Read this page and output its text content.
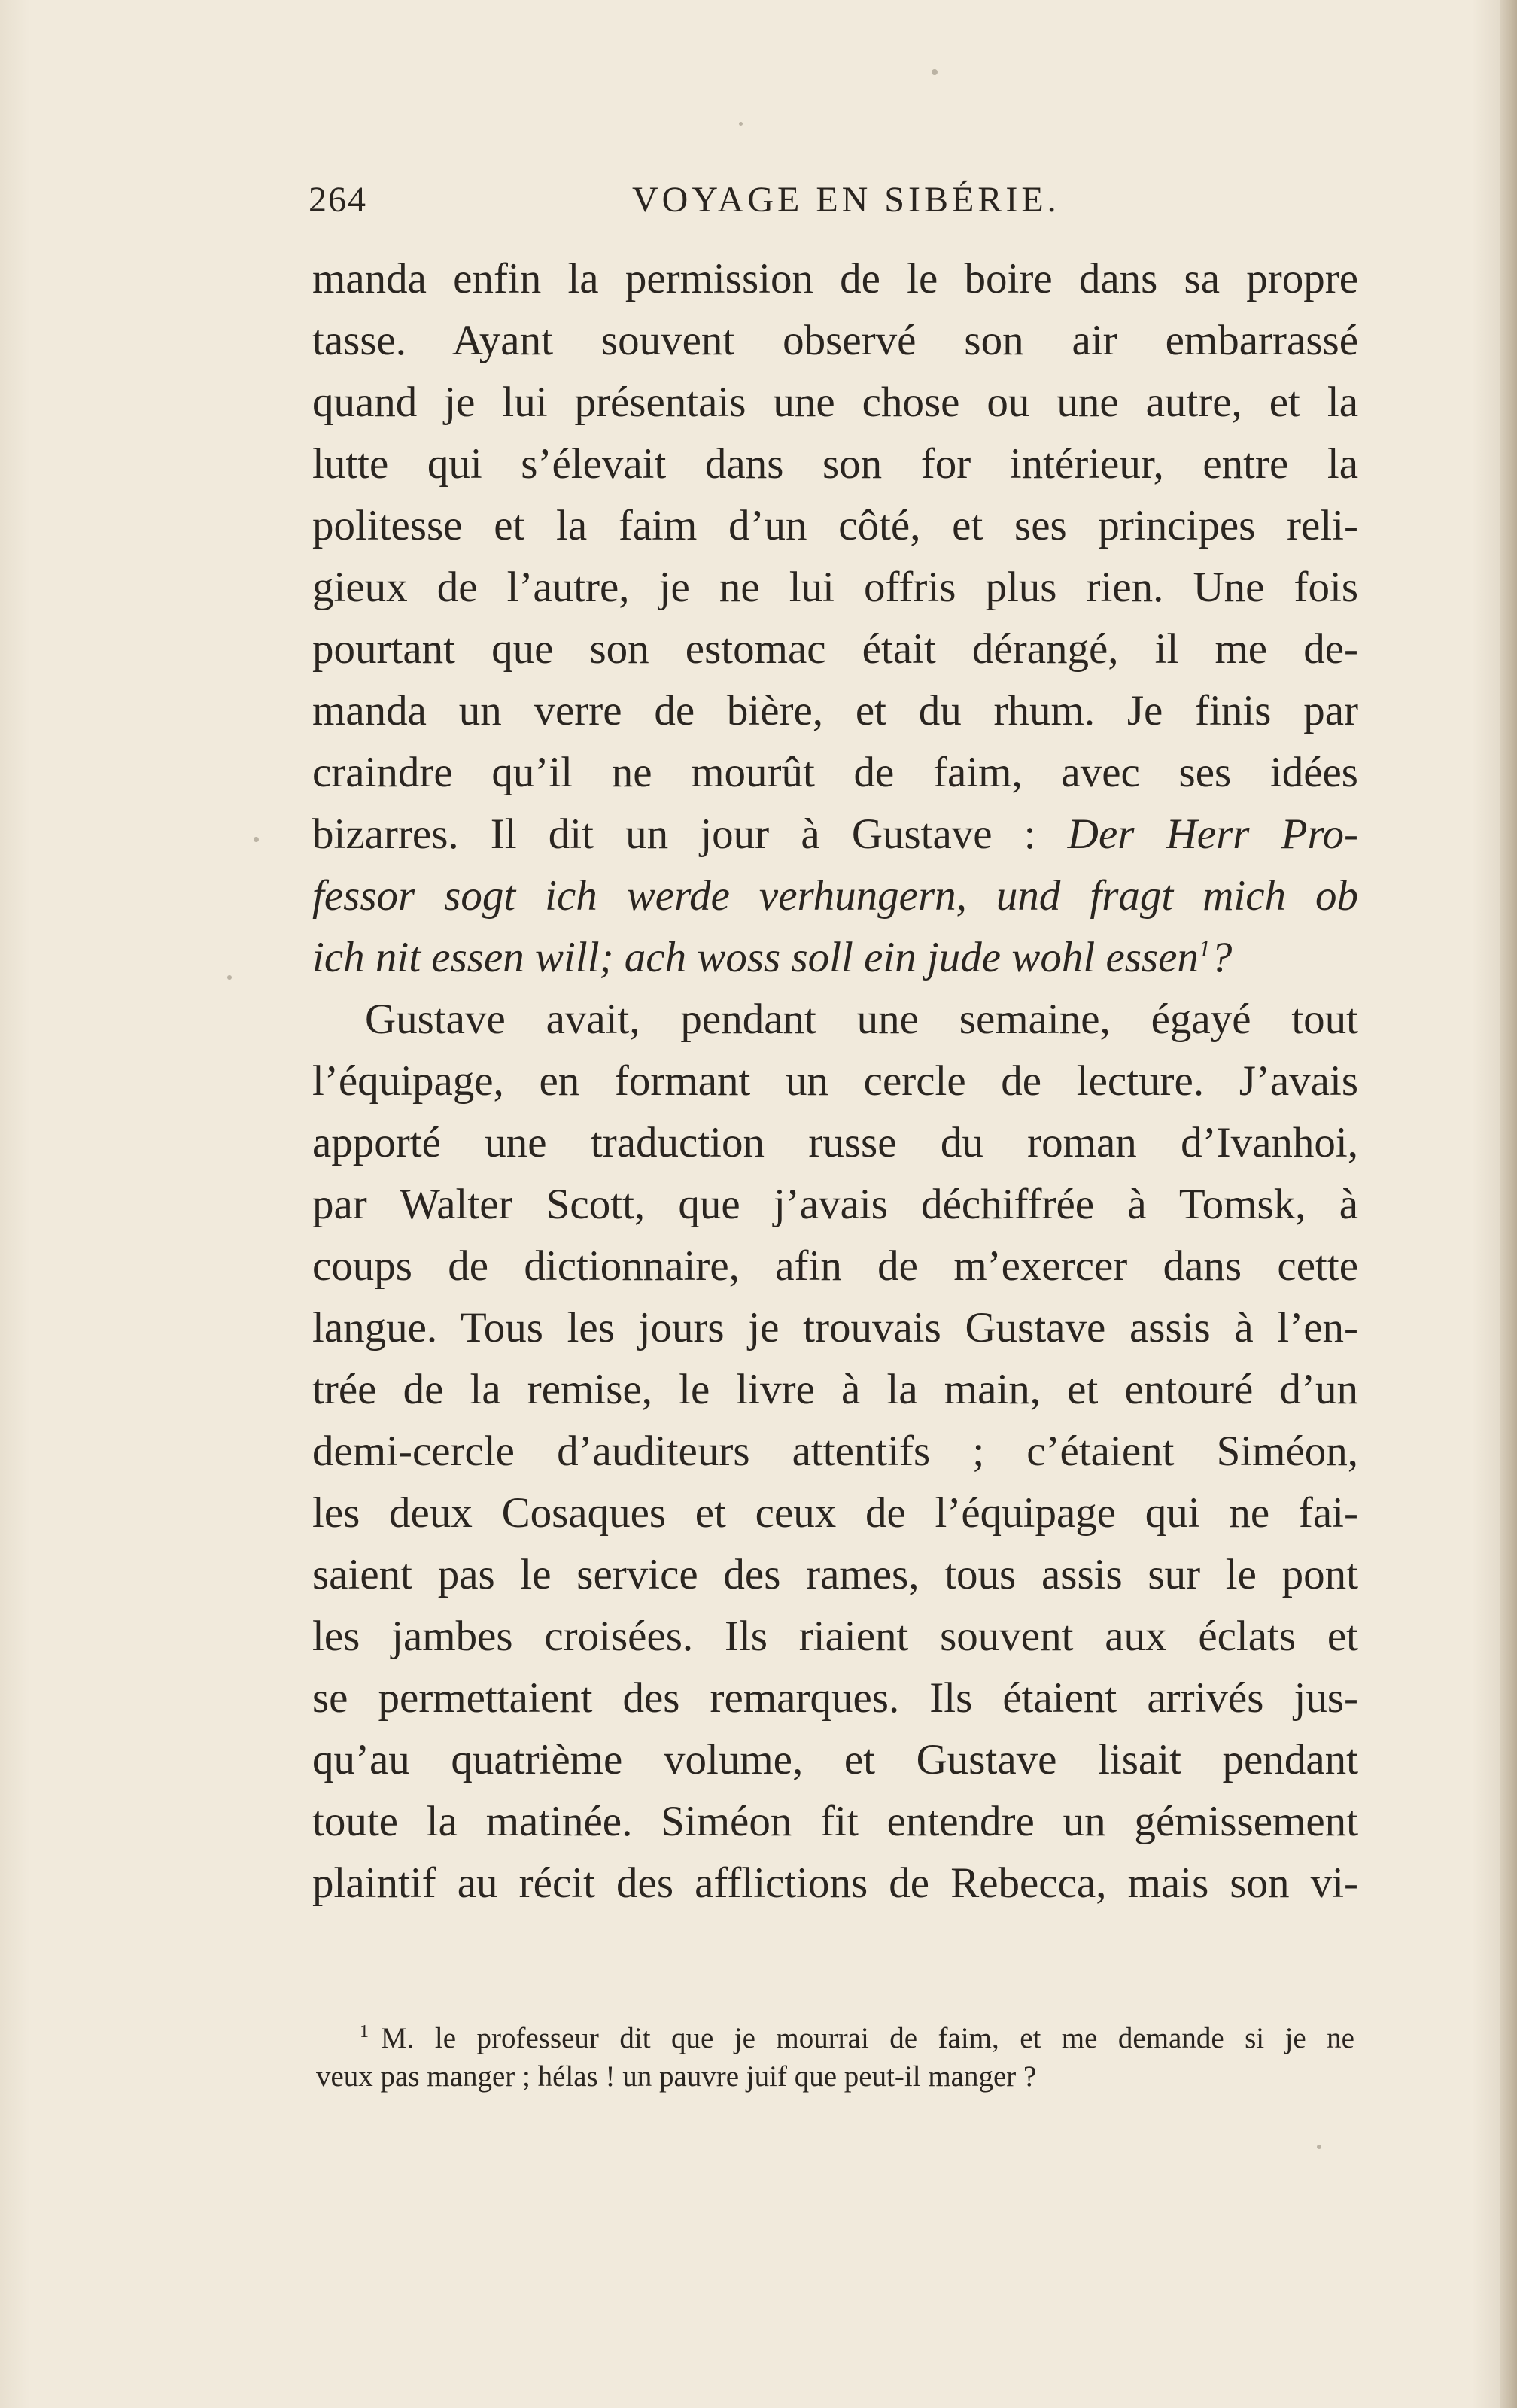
264	VOYAGE EN SIBÉRIE.
manda enfin la permission de le boire dans sa propre
tasse. Ayant souvent observé son air embarrassé
quand je lui présentais une chose ou une autre, et la
lutte qui s’élevait dans son for intérieur, entre la
politesse et la faim d’un côté, et ses principes reli-
gieux de l’autre, je ne lui offris plus rien. Une fois
pourtant que son estomac était dérangé, il me de-
manda un verre de bière, et du rhum. Je finis par
craindre qu’il ne mourût de faim, avec ses idées
bizarres. Il dit un jour à Gustave : Der Herr Pro-
fessor sogt ich werde verhungern, und fragt mich ob
ich nit essen will; ach woss soll ein jude wohl essen$^1$?
Gustave avait, pendant une semaine, égayé tout
l’équipage, en formant un cercle de lecture. J’avais
apporté une traduction russe du roman d’Ivanhoi,
par Walter Scott, que j’avais déchiffrée à Tomsk, à
coups de dictionnaire, afin de m’exercer dans cette
langue. Tous les jours je trouvais Gustave assis à l’en-
trée de la remise, le livre à la main, et entouré d’un
demi-cercle d’auditeurs attentifs ; c’étaient Siméon,
les deux Cosaques et ceux de l’équipage qui ne fai-
saient pas le service des rames, tous assis sur le pont
les jambes croisées. Ils riaient souvent aux éclats et
se permettaient des remarques. Ils étaient arrivés jus-
qu’au quatrième volume, et Gustave lisait pendant
toute la matinée. Siméon fit entendre un gémissement
plaintif au récit des afflictions de Rebecca, mais son vi-
$^1$ M. le professeur dit que je mourrai de faim, et me demande si je ne
veux pas manger ; hélas ! un pauvre juif que peut-il manger ?
